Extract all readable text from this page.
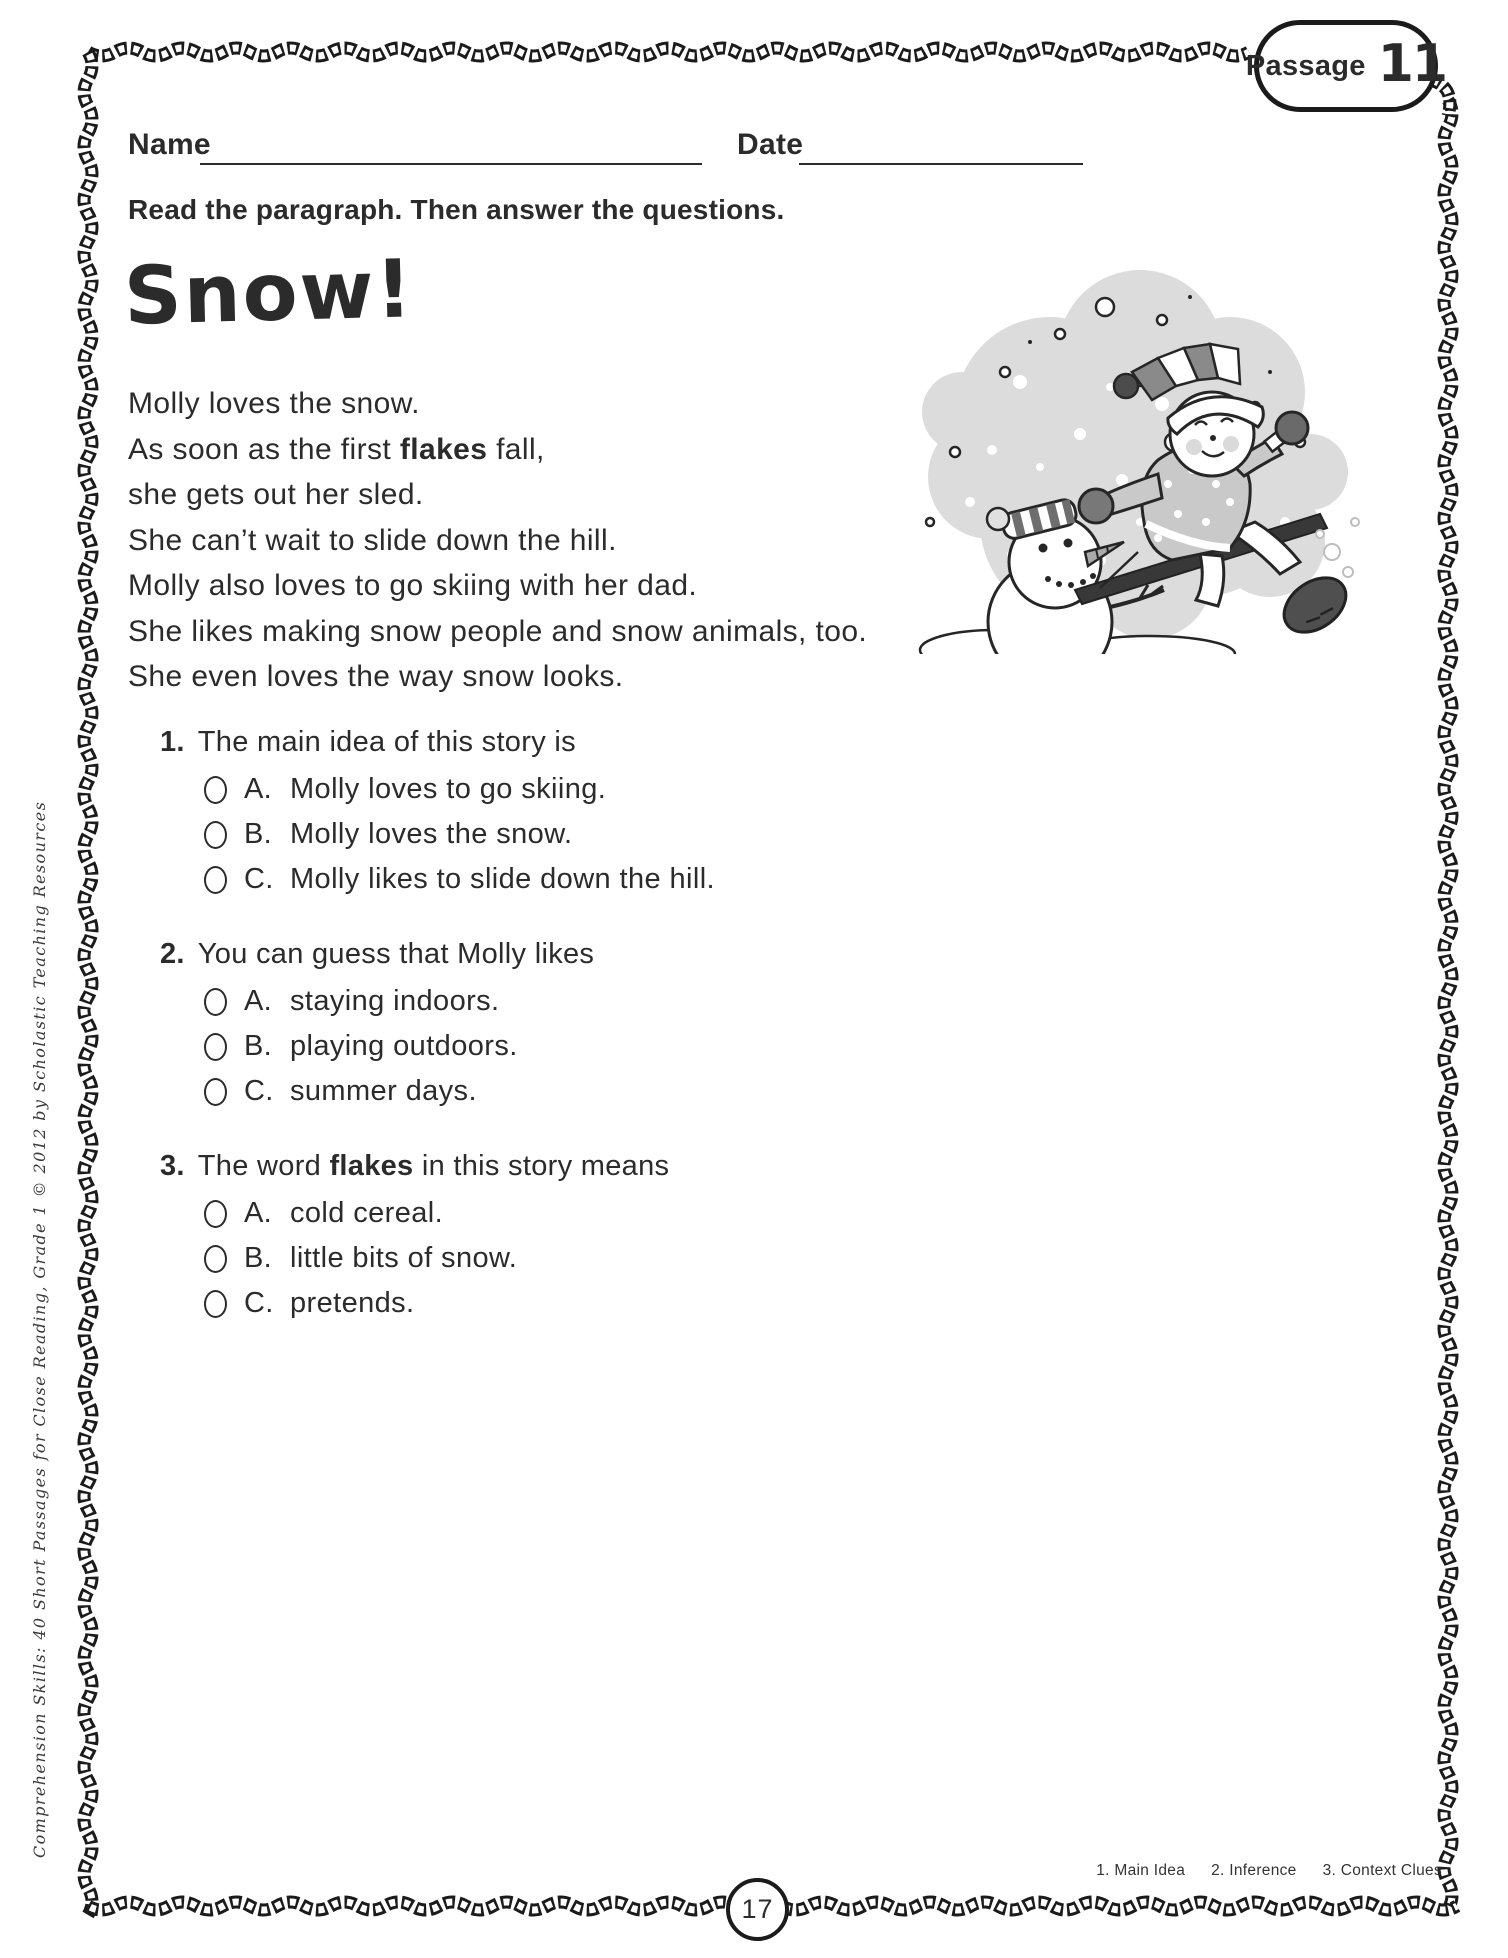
Passage 11
Name	Date
Read the paragraph. Then answer the questions.
Snow!
Molly loves the snow.
As soon as the first flakes fall,
she gets out her sled.
She can’t wait to slide down the hill.
Molly also loves to go skiing with her dad.
She likes making snow people and snow animals, too.
She even loves the way snow looks.
1. The main idea of this story is
A. Molly loves to go skiing.
B. Molly loves the snow.
C. Molly likes to slide down the hill.
2. You can guess that Molly likes
A. staying indoors.
B. playing outdoors.
C. summer days.
3. The word flakes in this story means
A. cold cereal.
B. little bits of snow.
C. pretends.
Comprehension Skills: 40 Short Passages for Close Reading, Grade 1 © 2012 by Scholastic Teaching Resources
1. Main Idea 2. Inference 3. Context Clues
17
